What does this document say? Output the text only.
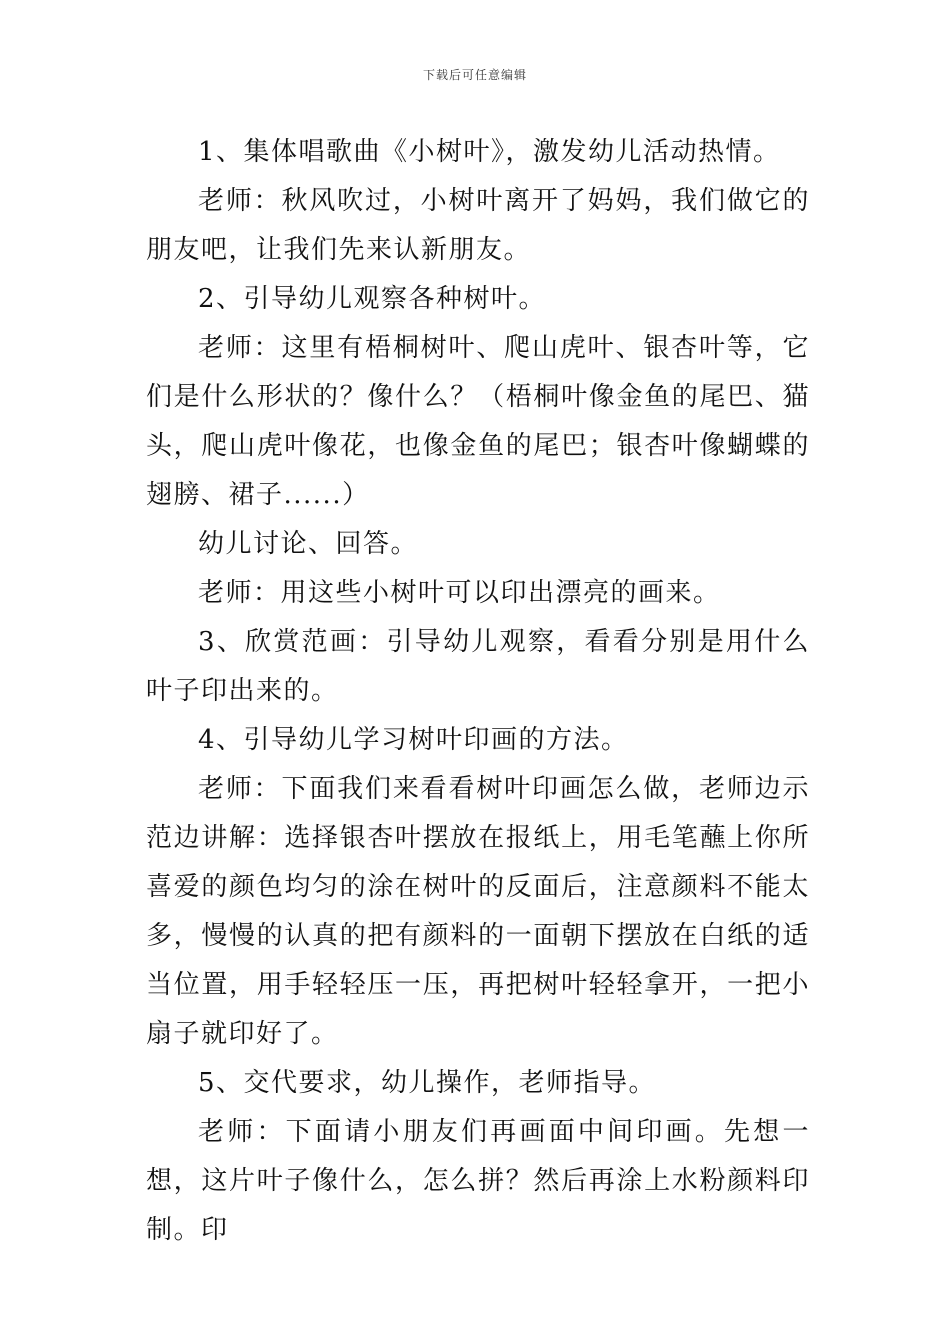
下载后可任意编辑

1、集体唱歌曲《小树叶》，激发幼儿活动热情。

老师：秋风吹过，小树叶离开了妈妈，我们做它的朋友吧，让我们先来认新朋友。

2、引导幼儿观察各种树叶。

老师：这里有梧桐树叶、爬山虎叶、银杏叶等，它们是什么形状的？像什么？（梧桐叶像金鱼的尾巴、猫头，爬山虎叶像花，也像金鱼的尾巴；银杏叶像蝴蝶的翅膀、裙子......）

幼儿讨论、回答。

老师：用这些小树叶可以印出漂亮的画来。

3、欣赏范画：引导幼儿观察，看看分别是用什么叶子印出来的。

4、引导幼儿学习树叶印画的方法。

老师：下面我们来看看树叶印画怎么做，老师边示范边讲解：选择银杏叶摆放在报纸上，用毛笔蘸上你所喜爱的颜色均匀的涂在树叶的反面后，注意颜料不能太多，慢慢的认真的把有颜料的一面朝下摆放在白纸的适当位置，用手轻轻压一压，再把树叶轻轻拿开，一把小扇子就印好了。

5、交代要求，幼儿操作，老师指导。

老师：下面请小朋友们再画面中间印画。先想一想，这片叶子像什么，怎么拼？然后再涂上水粉颜料印制。印
